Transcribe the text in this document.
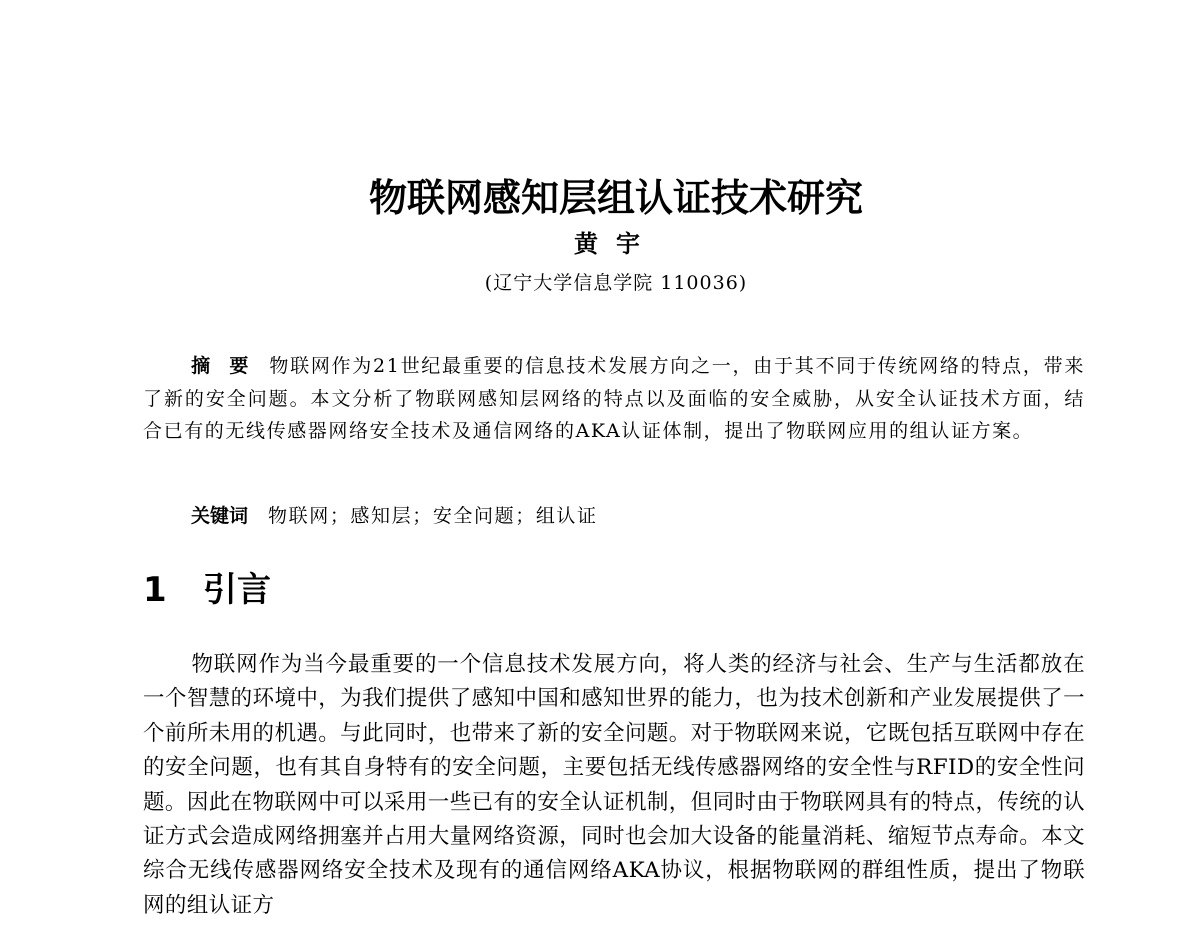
物联网感知层组认证技术研究
黄宇
(辽宁大学信息学院 110036)
摘　要　 物联网作为21世纪最重要的信息技术发展方向之一，由于其不同于传统网络的特点，带来了新的安全问题。本文分析了物联网感知层网络的特点以及面临的安全威胁，从安全认证技术方面，结合已有的无线传感器网络安全技术及通信网络的AKA认证体制，提出了物联网应用的组认证方案。
关键词 物联网；感知层；安全问题；组认证
1 引言
物联网作为当今最重要的一个信息技术发展方向，将人类的经济与社会、生产与生活都放在一个智慧的环境中，为我们提供了感知中国和感知世界的能力，也为技术创新和产业发展提供了一个前所未用的机遇。与此同时，也带来了新的安全问题。对于物联网来说，它既包括互联网中存在的安全问题，也有其自身特有的安全问题，主要包括无线传感器网络的安全性与RFID的安全性问题。因此在物联网中可以采用一些已有的安全认证机制，但同时由于物联网具有的特点，传统的认证方式会造成网络拥塞并占用大量网络资源，同时也会加大设备的能量消耗、缩短节点寿命。本文综合无线传感器网络安全技术及现有的通信网络AKA协议，根据物联网的群组性质，提出了物联网的组认证方
